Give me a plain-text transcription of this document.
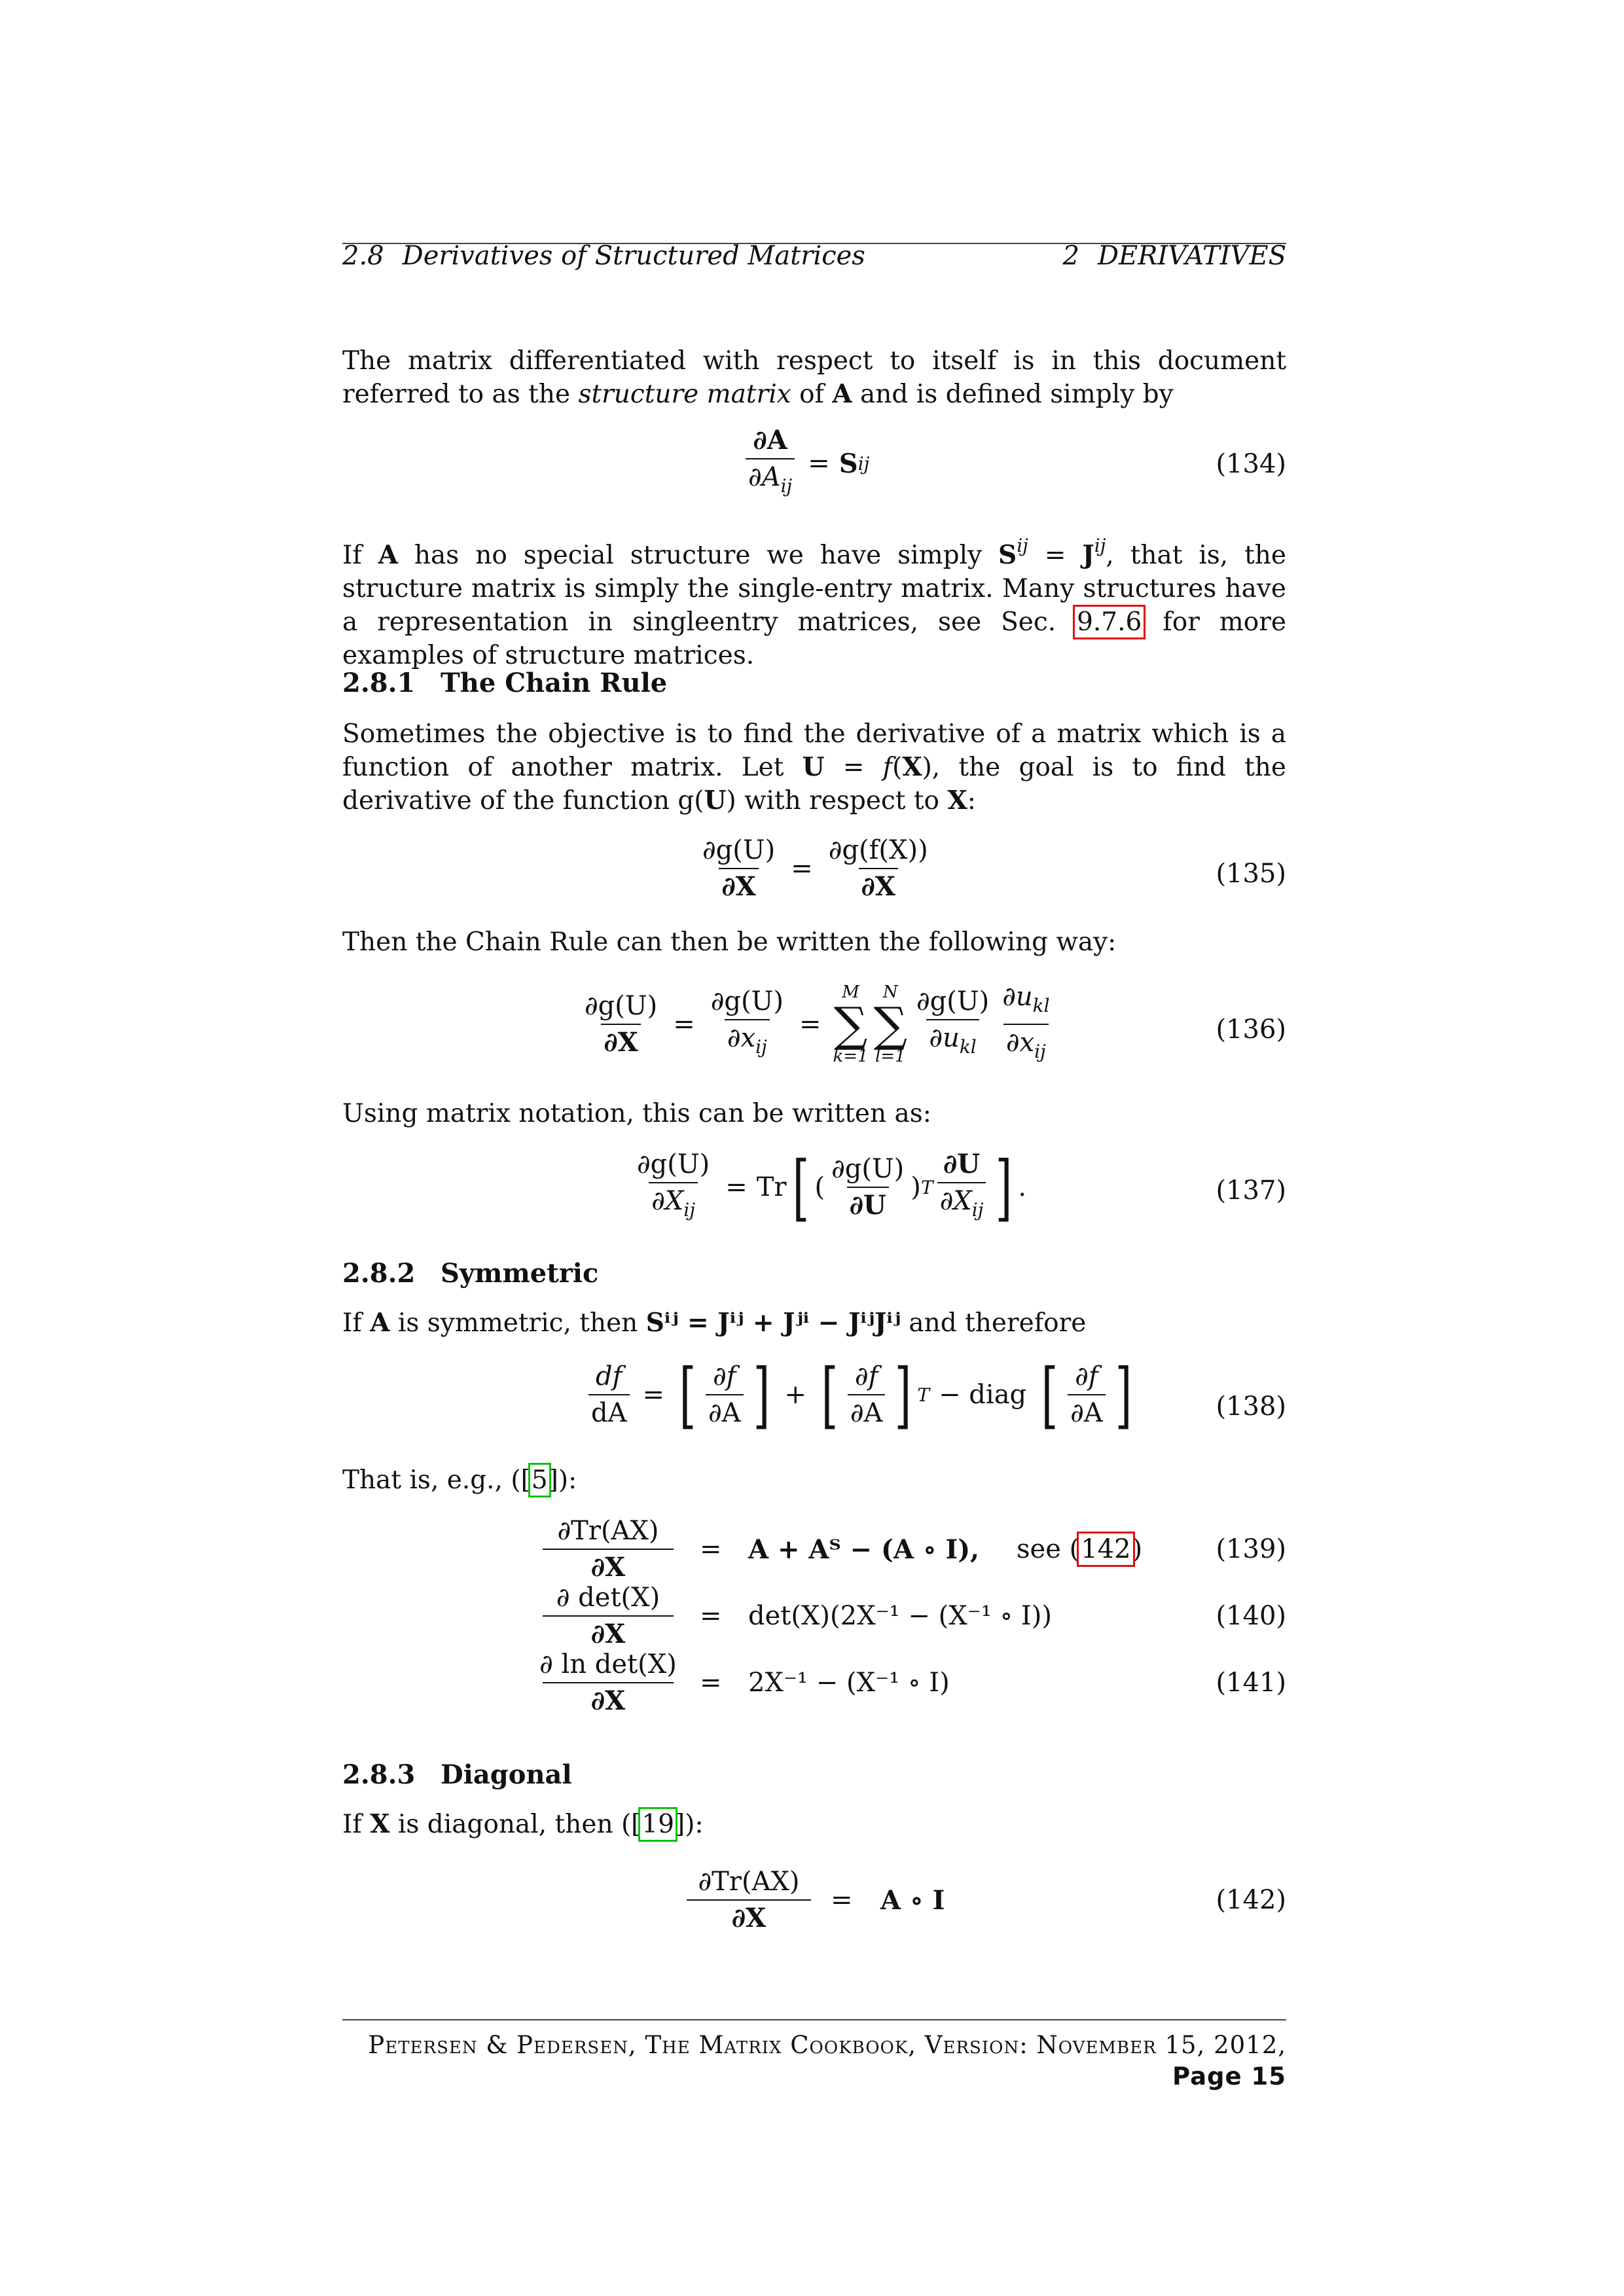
2.8 Derivatives of Structured Matrices	2 DERIVATIVES
The matrix differentiated with respect to itself is in this document referred to as the structure matrix of A and is defined simply by
$\frac{\partial A}{\partial A_{ij}} = S$ ij	(134)
If A has no special structure we have simply $S^{ij} = J^{ij}$, that is, the structure matrix is simply the single-entry matrix. Many structures have a representation in singleentry matrices, see Sec. 9.7.6 for more examples of structure matrices.
2.8.1 The Chain Rule
Sometimes the objective is to find the derivative of a matrix which is a function of another matrix. Let U = f(X), the goal is to find the derivative of the function g(U) with respect to X:
$\frac{\partial g(U)}{\partial X} = \frac{\partial g(f(X))}{\partial X}$	(135)
Then the Chain Rule can then be written the following way:
$\frac{\partial g(U)}{\partial X} = \frac{\partial g(U)}{\partial x_{ij}}$ =
M
∑
k=1
N
∑
$l=1 \frac{\partial g(U)}{\partial u_{kl}} \frac{\partial u_{kl}}{\partial x_{ij}}$	(136)
Using matrix notation, this can be written as:
$\frac{\partial g(U)}{\partial X_{ij}} = Tr$ [ ( $\frac{\partial g(U)}{\partial U}$ ) T $\frac{\partial U}{\partial X_{ij}}$ ] .	(137)
2.8.2 Symmetric
If A is symmetric, then Sⁱʲ = Jⁱʲ + Jʲⁱ − JⁱʲJⁱʲ and therefore
$\frac{df}{dA}$ = [ $\frac{\partial f}{\partial A}$ ] + [ $\frac{\partial f}{\partial A}$ ] T − diag [ $\frac{\partial f}{\partial A}$ ]	(138)
That is, e.g., ([5]):
$\frac{\partial Tr(AX)}{\partial X} = A$ + Aᵀ − (A ∘ I), see (142)	(139)
$\frac{\partial \det(X)}{\partial X} = \det(X)(2X^{-1} - (X^{-1}$ ∘ I))	(140)
$\frac{\text{∂ ln det(X)}}{\partial X} = 2X^{-1} - (X^{-1}$ ∘ I)	(141)
2.8.3 Diagonal
If X is diagonal, then ([19]):
$\frac{\partial Tr(AX)}{\partial X} = A$ ∘ I	(142)
Petersen & Pedersen, The Matrix Cookbook, Version: November 15, 2012, Page 15
